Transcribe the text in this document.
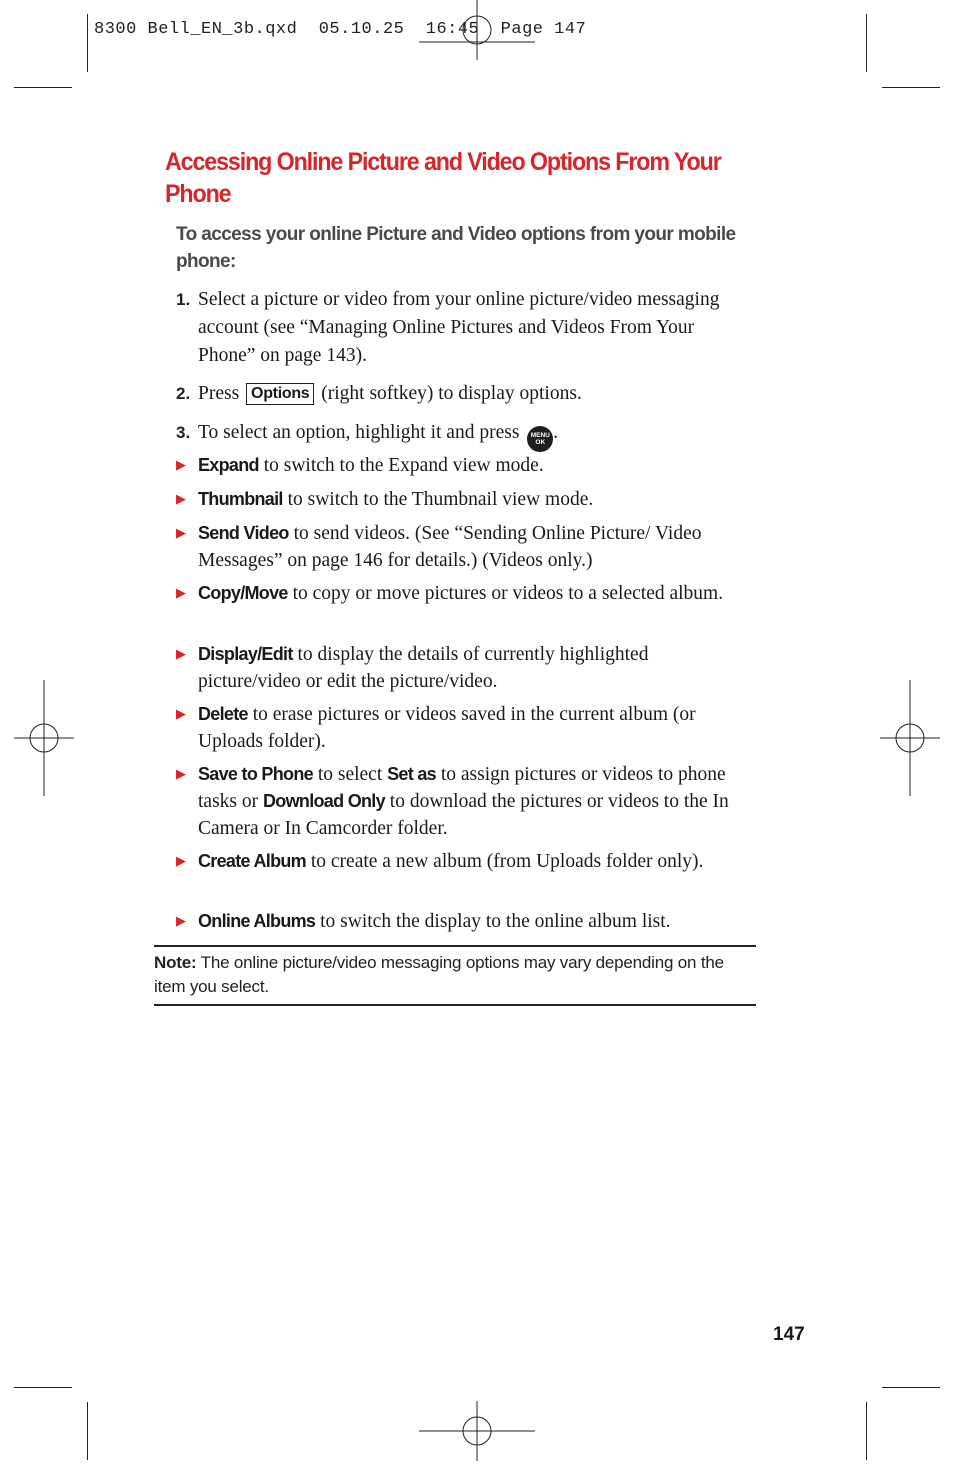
8300 Bell_EN_3b.qxd  05.10.25  16:45  Page 147
Accessing Online Picture and Video Options From Your Phone
To access your online Picture and Video options from your mobile phone:
1. Select a picture or video from your online picture/video messaging account (see “Managing Online Pictures and Videos From Your Phone” on page 143).
2. Press Options (right softkey) to display options.
3. To select an option, highlight it and press MENU
OK .
▶ Expand to switch to the Expand view mode.
▶ Thumbnail to switch to the Thumbnail view mode.
▶ Send Video to send videos. (See “Sending Online Picture/ Video Messages” on page 146 for details.) (Videos only.)
▶ Copy/Move to copy or move pictures or videos to a selected album.
▶ Display/Edit to display the details of currently highlighted picture/video or edit the picture/video.
▶ Delete to erase pictures or videos saved in the current album (or Uploads folder).
▶ Save to Phone to select Set as to assign pictures or videos to phone tasks or Download Only to download the pictures or videos to the In Camera or In Camcorder folder.
▶ Create Album to create a new album (from Uploads folder only).
▶ Online Albums to switch the display to the online album list.
Note: The online picture/video messaging options may vary depending on the item you select.
147
